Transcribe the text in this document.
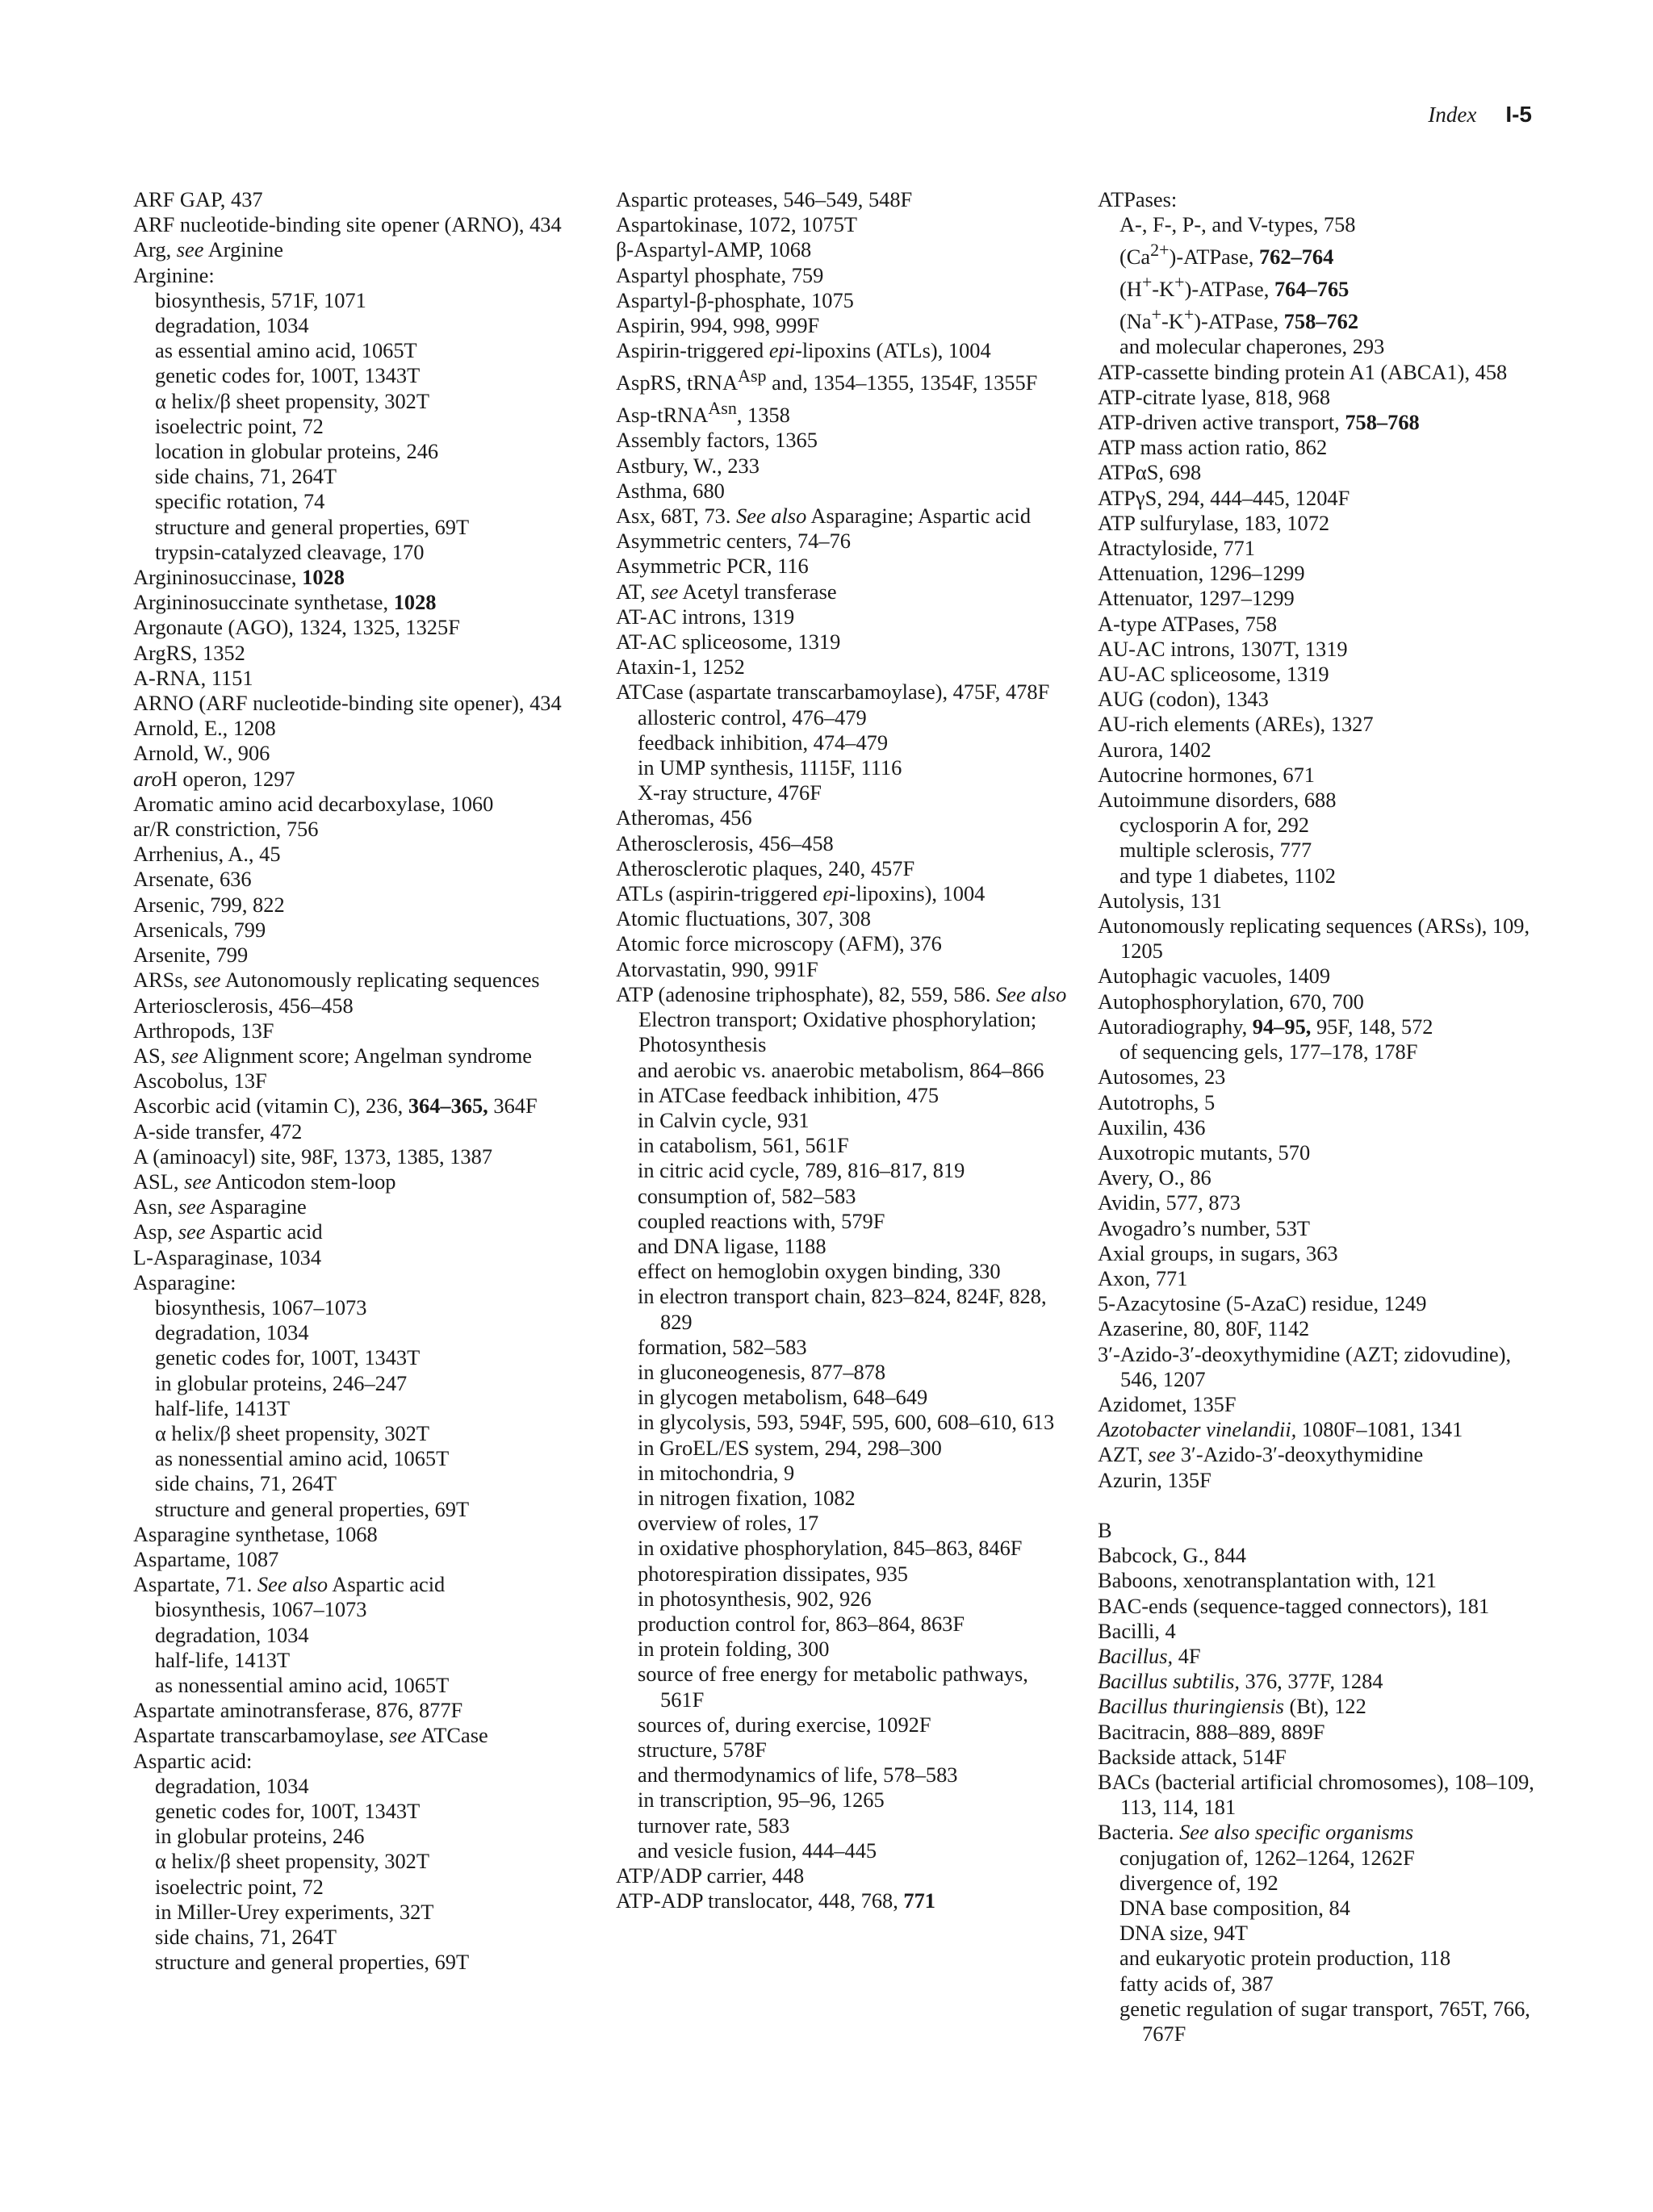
Index I-5

ARF GAP, 437

ARF nucleotide-binding site opener (ARNO), 434

Arg, see Arginine

Arginine:

biosynthesis, 571F, 1071

degradation, 1034

as essential amino acid, 1065T

genetic codes for, 100T, 1343T

α helix/β sheet propensity, 302T

isoelectric point, 72

location in globular proteins, 246

side chains, 71, 264T

specific rotation, 74

structure and general properties, 69T

trypsin-catalyzed cleavage, 170

Argininosuccinase, 1028

Argininosuccinate synthetase, 1028

Argonaute (AGO), 1324, 1325, 1325F

ArgRS, 1352

A-RNA, 1151

ARNO (ARF nucleotide-binding site opener), 434

Arnold, E., 1208

Arnold, W., 906

aroH operon, 1297

Aromatic amino acid decarboxylase, 1060

ar/R constriction, 756

Arrhenius, A., 45

Arsenate, 636

Arsenic, 799, 822

Arsenicals, 799

Arsenite, 799

ARSs, see Autonomously replicating sequences

Arteriosclerosis, 456–458

Arthropods, 13F

AS, see Alignment score; Angelman syndrome

Ascobolus, 13F

Ascorbic acid (vitamin C), 236, 364–365, 364F

A-side transfer, 472

A (aminoacyl) site, 98F, 1373, 1385, 1387

ASL, see Anticodon stem-loop

Asn, see Asparagine

Asp, see Aspartic acid

L-Asparaginase, 1034

Asparagine:

biosynthesis, 1067–1073

degradation, 1034

genetic codes for, 100T, 1343T

in globular proteins, 246–247

half-life, 1413T

α helix/β sheet propensity, 302T

as nonessential amino acid, 1065T

side chains, 71, 264T

structure and general properties, 69T

Asparagine synthetase, 1068

Aspartame, 1087

Aspartate, 71. See also Aspartic acid

biosynthesis, 1067–1073

degradation, 1034

half-life, 1413T

as nonessential amino acid, 1065T

Aspartate aminotransferase, 876, 877F

Aspartate transcarbamoylase, see ATCase

Aspartic acid:

degradation, 1034

genetic codes for, 100T, 1343T

in globular proteins, 246

α helix/β sheet propensity, 302T

isoelectric point, 72

in Miller-Urey experiments, 32T

side chains, 71, 264T

structure and general properties, 69T

Aspartic proteases, 546–549, 548F

Aspartokinase, 1072, 1075T

β-Aspartyl-AMP, 1068

Aspartyl phosphate, 759

Aspartyl-β-phosphate, 1075

Aspirin, 994, 998, 999F

Aspirin-triggered epi-lipoxins (ATLs), 1004

AspRS, tRNA$^{Asp}$ and, 1354–1355, 1354F, 1355F

Asp-tRNA$^{Asn}$, 1358

Assembly factors, 1365

Astbury, W., 233

Asthma, 680

Asx, 68T, 73. See also Asparagine; Aspartic acid

Asymmetric centers, 74–76

Asymmetric PCR, 116

AT, see Acetyl transferase

AT-AC introns, 1319

AT-AC spliceosome, 1319

Ataxin-1, 1252

ATCase (aspartate transcarbamoylase), 475F, 478F

allosteric control, 476–479

feedback inhibition, 474–479

in UMP synthesis, 1115F, 1116

X-ray structure, 476F

Atheromas, 456

Atherosclerosis, 456–458

Atherosclerotic plaques, 240, 457F

ATLs (aspirin-triggered epi-lipoxins), 1004

Atomic fluctuations, 307, 308

Atomic force microscopy (AFM), 376

Atorvastatin, 990, 991F

ATP (adenosine triphosphate), 82, 559, 586. See also Electron transport; Oxidative phosphorylation; Photosynthesis

and aerobic vs. anaerobic metabolism, 864–866

in ATCase feedback inhibition, 475

in Calvin cycle, 931

in catabolism, 561, 561F

in citric acid cycle, 789, 816–817, 819

consumption of, 582–583

coupled reactions with, 579F

and DNA ligase, 1188

effect on hemoglobin oxygen binding, 330

in electron transport chain, 823–824, 824F, 828, 829

formation, 582–583

in gluconeogenesis, 877–878

in glycogen metabolism, 648–649

in glycolysis, 593, 594F, 595, 600, 608–610, 613

in GroEL/ES system, 294, 298–300

in mitochondria, 9

in nitrogen fixation, 1082

overview of roles, 17

in oxidative phosphorylation, 845–863, 846F

photorespiration dissipates, 935

in photosynthesis, 902, 926

production control for, 863–864, 863F

in protein folding, 300

source of free energy for metabolic pathways, 561F

sources of, during exercise, 1092F

structure, 578F

and thermodynamics of life, 578–583

in transcription, 95–96, 1265

turnover rate, 583

and vesicle fusion, 444–445

ATP/ADP carrier, 448

ATP-ADP translocator, 448, 768, 771

ATPases:

A-, F-, P-, and V-types, 758

$(Ca^{2+})$-ATPase, 762–764

(H+-K+)-ATPase, 764–765

(Na+-K+)-ATPase, 758–762

and molecular chaperones, 293

ATP-cassette binding protein A1 (ABCA1), 458

ATP-citrate lyase, 818, 968

ATP-driven active transport, 758–768

ATP mass action ratio, 862

ATPαS, 698

ATPγS, 294, 444–445, 1204F

ATP sulfurylase, 183, 1072

Atractyloside, 771

Attenuation, 1296–1299

Attenuator, 1297–1299

A-type ATPases, 758

AU-AC introns, 1307T, 1319

AU-AC spliceosome, 1319

AUG (codon), 1343

AU-rich elements (AREs), 1327

Aurora, 1402

Autocrine hormones, 671

Autoimmune disorders, 688

cyclosporin A for, 292

multiple sclerosis, 777

and type 1 diabetes, 1102

Autolysis, 131

Autonomously replicating sequences (ARSs), 109, 1205

Autophagic vacuoles, 1409

Autophosphorylation, 670, 700

Autoradiography, 94–95, 95F, 148, 572

of sequencing gels, 177–178, 178F

Autosomes, 23

Autotrophs, 5

Auxilin, 436

Auxotropic mutants, 570

Avery, O., 86

Avidin, 577, 873

Avogadro’s number, 53T

Axial groups, in sugars, 363

Axon, 771

5-Azacytosine (5-AzaC) residue, 1249

Azaserine, 80, 80F, 1142

3′-Azido-3′-deoxythymidine (AZT; zidovudine), 546, 1207

Azidomet, 135F

Azotobacter vinelandii, 1080F–1081, 1341

AZT, see 3′-Azido-3′-deoxythymidine

Azurin, 135F

B

Babcock, G., 844

Baboons, xenotransplantation with, 121

BAC-ends (sequence-tagged connectors), 181

Bacilli, 4

Bacillus, 4F

Bacillus subtilis, 376, 377F, 1284

Bacillus thuringiensis (Bt), 122

Bacitracin, 888–889, 889F

Backside attack, 514F

BACs (bacterial artificial chromosomes), 108–109, 113, 114, 181

Bacteria. See also specific organisms

conjugation of, 1262–1264, 1262F

divergence of, 192

DNA base composition, 84

DNA size, 94T

and eukaryotic protein production, 118

fatty acids of, 387

genetic regulation of sugar transport, 765T, 766, 767F
